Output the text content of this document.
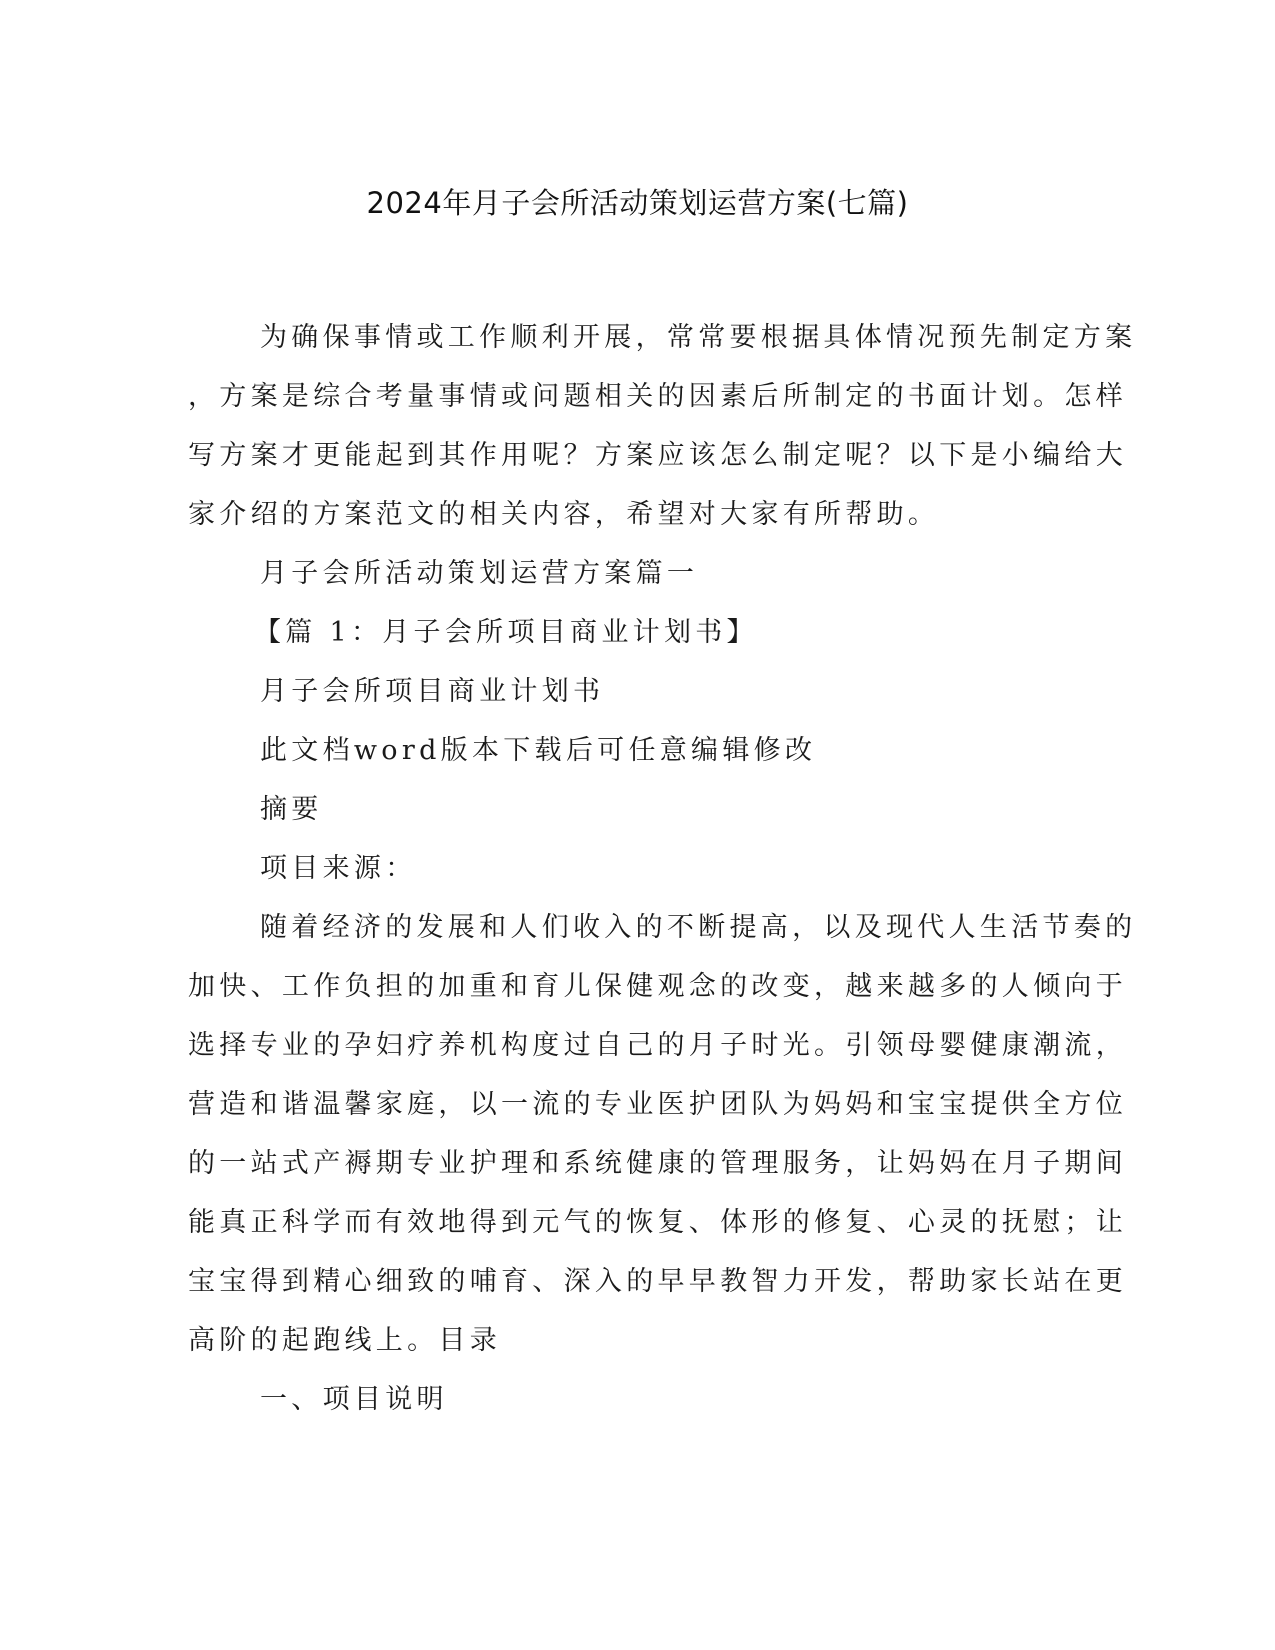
2024年月子会所活动策划运营方案(七篇)
为确保事情或工作顺利开展，常常要根据具体情况预先制定方案
，方案是综合考量事情或问题相关的因素后所制定的书面计划。怎样
写方案才更能起到其作用呢？方案应该怎么制定呢？以下是小编给大
家介绍的方案范文的相关内容，希望对大家有所帮助。
月子会所活动策划运营方案篇一
【篇 1：月子会所项目商业计划书】
月子会所项目商业计划书
此文档word版本下载后可任意编辑修改
摘要
项目来源：
随着经济的发展和人们收入的不断提高，以及现代人生活节奏的
加快、工作负担的加重和育儿保健观念的改变，越来越多的人倾向于
选择专业的孕妇疗养机构度过自己的月子时光。引领母婴健康潮流，
营造和谐温馨家庭，以一流的专业医护团队为妈妈和宝宝提供全方位
的一站式产褥期专业护理和系统健康的管理服务，让妈妈在月子期间
能真正科学而有效地得到元气的恢复、体形的修复、心灵的抚慰；让
宝宝得到精心细致的哺育、深入的早早教智力开发，帮助家长站在更
高阶的起跑线上。目录
一、项目说明
